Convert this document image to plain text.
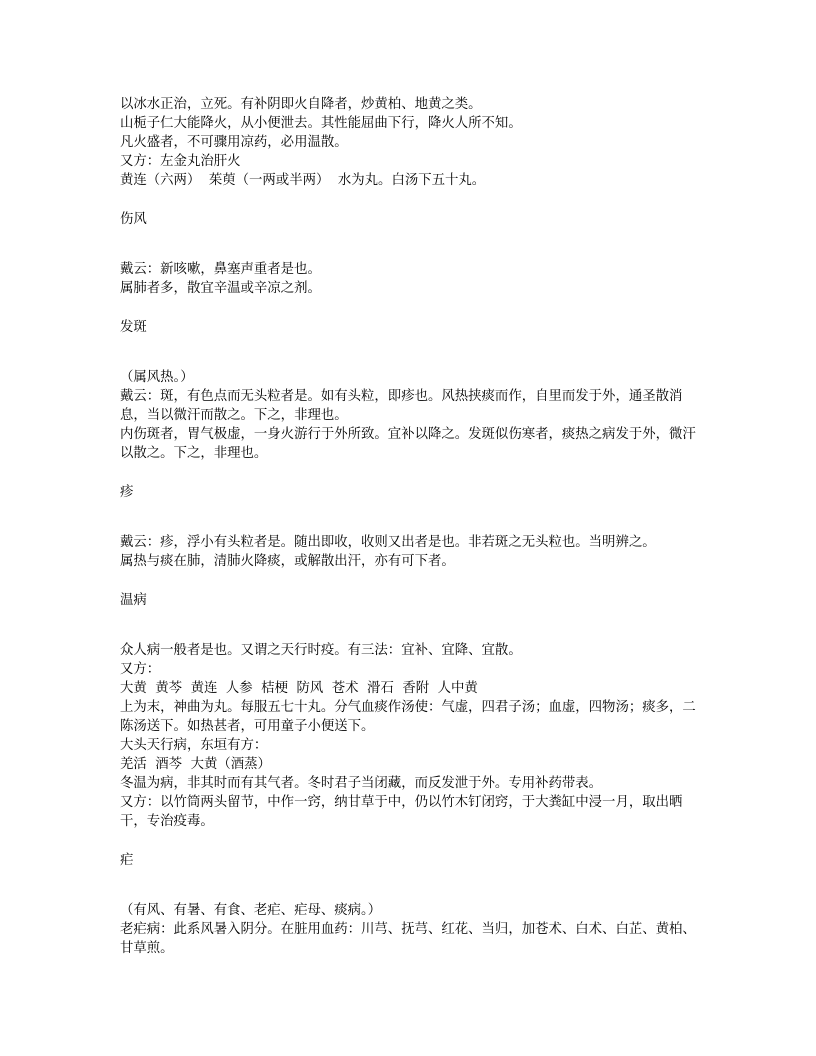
以冰水正治，立死。有补阴即火自降者，炒黄柏、地黄之类。

山栀子仁大能降火，从小便泄去。其性能屈曲下行，降火人所不知。

凡火盛者，不可骤用凉药，必用温散。

又方：左金丸治肝火

黄连（六两）  茱萸（一两或半两）  水为丸。白汤下五十丸。

伤风

戴云：新咳嗽，鼻塞声重者是也。

属肺者多，散宜辛温或辛凉之剂。

发斑

（属风热。）

戴云：斑，有色点而无头粒者是。如有头粒，即疹也。风热挟痰而作，自里而发于外，通圣散消息，当以微汗而散之。下之，非理也。

内伤斑者，胃气极虚，一身火游行于外所致。宜补以降之。发斑似伤寒者，痰热之病发于外，微汗以散之。下之，非理也。

疹

戴云：疹，浮小有头粒者是。随出即收，收则又出者是也。非若斑之无头粒也。当明辨之。

属热与痰在肺，清肺火降痰，或解散出汗，亦有可下者。

温病

众人病一般者是也。又谓之天行时疫。有三法：宜补、宜降、宜散。

又方：

大黄  黄芩  黄连  人参  桔梗  防风  苍术  滑石  香附  人中黄

上为末，神曲为丸。每服五七十丸。分气血痰作汤使：气虚，四君子汤；血虚，四物汤；痰多，二陈汤送下。如热甚者，可用童子小便送下。

大头天行病，东垣有方：

羌活  酒芩  大黄（酒蒸）

冬温为病，非其时而有其气者。冬时君子当闭藏，而反发泄于外。专用补药带表。

又方：以竹筒两头留节，中作一窍，纳甘草于中，仍以竹木钉闭窍，于大粪缸中浸一月，取出晒干，专治疫毒。

疟

（有风、有暑、有食、老疟、疟母、痰病。）

老疟病：此系风暑入阴分。在脏用血药：川芎、抚芎、红花、当归，加苍术、白术、白芷、黄柏、甘草煎。
